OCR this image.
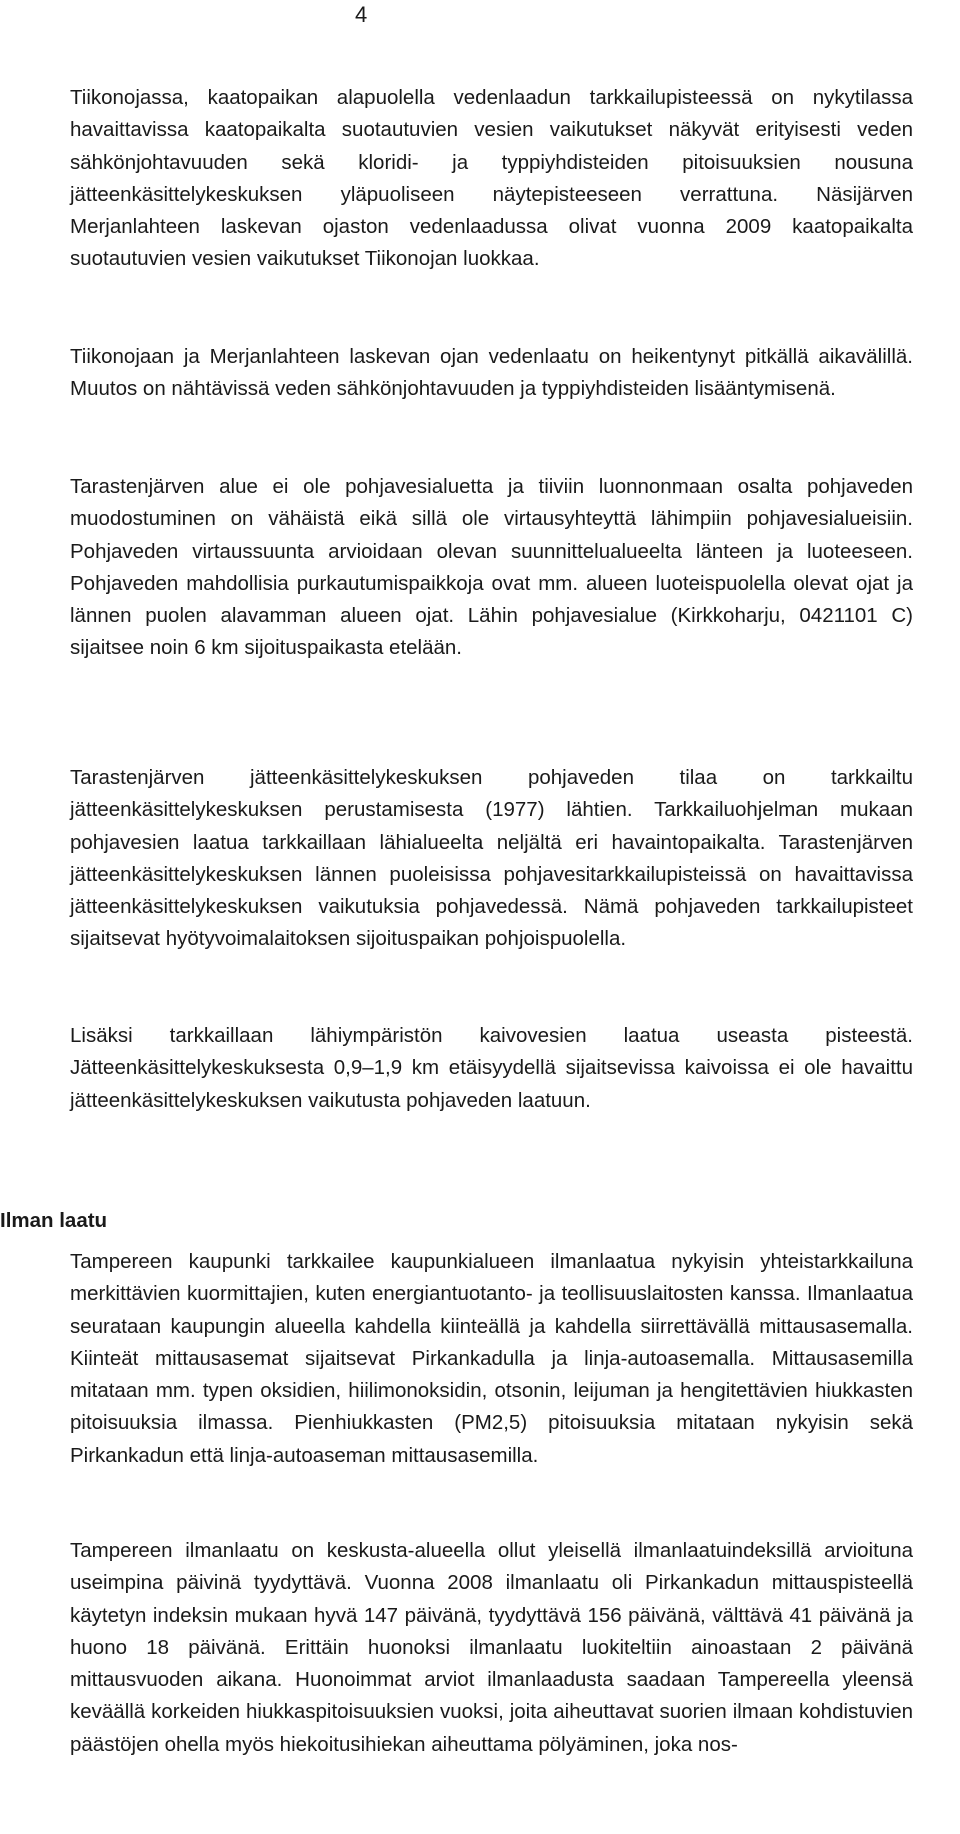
4

Tiikonojassa, kaatopaikan alapuolella vedenlaadun tarkkailupisteessä on nykytilassa havaittavissa kaatopaikalta suotautuvien vesien vaikutukset näkyvät erityisesti veden sähkönjohtavuuden sekä kloridi- ja typpiyhdisteiden pitoisuuksien nousuna jätteenkäsittelykeskuksen yläpuoliseen näytepisteeseen verrattuna. Näsijärven Merjanlahteen laskevan ojaston vedenlaadussa olivat vuonna 2009 kaatopaikalta suotautuvien vesien vaikutukset Tiikonojan luokkaa.

Tiikonojaan ja Merjanlahteen laskevan ojan vedenlaatu on heikentynyt pitkällä aikavälillä. Muutos on nähtävissä veden sähkönjohtavuuden ja typpiyhdisteiden lisääntymisenä.

Tarastenjärven alue ei ole pohjavesialuetta ja tiiviin luonnonmaan osalta pohjaveden muodostuminen on vähäistä eikä sillä ole virtausyhteyttä lähimpiin pohjavesialueisiin. Pohjaveden virtaussuunta arvioidaan olevan suunnittelualueelta länteen ja luoteeseen. Pohjaveden mahdollisia purkautumispaikkoja ovat mm. alueen luoteispuolella olevat ojat ja lännen puolen alavamman alueen ojat. Lähin pohjavesialue (Kirkkoharju, 0421101 C) sijaitsee noin 6 km sijoituspaikasta etelään.

Tarastenjärven jätteenkäsittelykeskuksen pohjaveden tilaa on tarkkailtu jätteenkäsittelykeskuksen perustamisesta (1977) lähtien. Tarkkailuohjelman mukaan pohjavesien laatua tarkkaillaan lähialueelta neljältä eri havaintopaikalta. Tarastenjärven jätteenkäsittelykeskuksen lännen puoleisissa pohjavesitarkkailupisteissä on havaittavissa jätteenkäsittelykeskuksen vaikutuksia pohjavedessä. Nämä pohjaveden tarkkailupisteet sijaitsevat hyötyvoimalaitoksen sijoituspaikan pohjoispuolella.

Lisäksi tarkkaillaan lähiympäristön kaivovesien laatua useasta pisteestä. Jätteenkäsittelykeskuksesta 0,9–1,9 km etäisyydellä sijaitsevissa kaivoissa ei ole havaittu jätteenkäsittelykeskuksen vaikutusta pohjaveden laatuun.

Ilman laatu

Tampereen kaupunki tarkkailee kaupunkialueen ilmanlaatua nykyisin yhteistarkkailuna merkittävien kuormittajien, kuten energiantuotanto- ja teollisuuslaitosten kanssa. Ilmanlaatua seurataan kaupungin alueella kahdella kiinteällä ja kahdella siirrettävällä mittausasemalla. Kiinteät mittausasemat sijaitsevat Pirkankadulla ja linja-autoasemalla. Mittausasemilla mitataan mm. typen oksidien, hiilimonoksidin, otsonin, leijuman ja hengitettävien hiukkasten pitoisuuksia ilmassa. Pienhiukkasten (PM2,5) pitoisuuksia mitataan nykyisin sekä Pirkankadun että linja-autoaseman mittausasemilla.

Tampereen ilmanlaatu on keskusta-alueella ollut yleisellä ilmanlaatuindeksillä arvioituna useimpina päivinä tyydyttävä. Vuonna 2008 ilmanlaatu oli Pirkankadun mittauspisteellä käytetyn indeksin mukaan hyvä 147 päivänä, tyydyttävä 156 päivänä, välttävä 41 päivänä ja huono 18 päivänä. Erittäin huonoksi ilmanlaatu luokiteltiin ainoastaan 2 päivänä mittausvuoden aikana. Huonoimmat arviot ilmanlaadusta saadaan Tampereella yleensä keväällä korkeiden hiukkaspitoisuuksien vuoksi, joita aiheuttavat suorien ilmaan kohdistuvien päästöjen ohella myös hiekoitusihiekan aiheuttama pölyäminen, joka nos-
